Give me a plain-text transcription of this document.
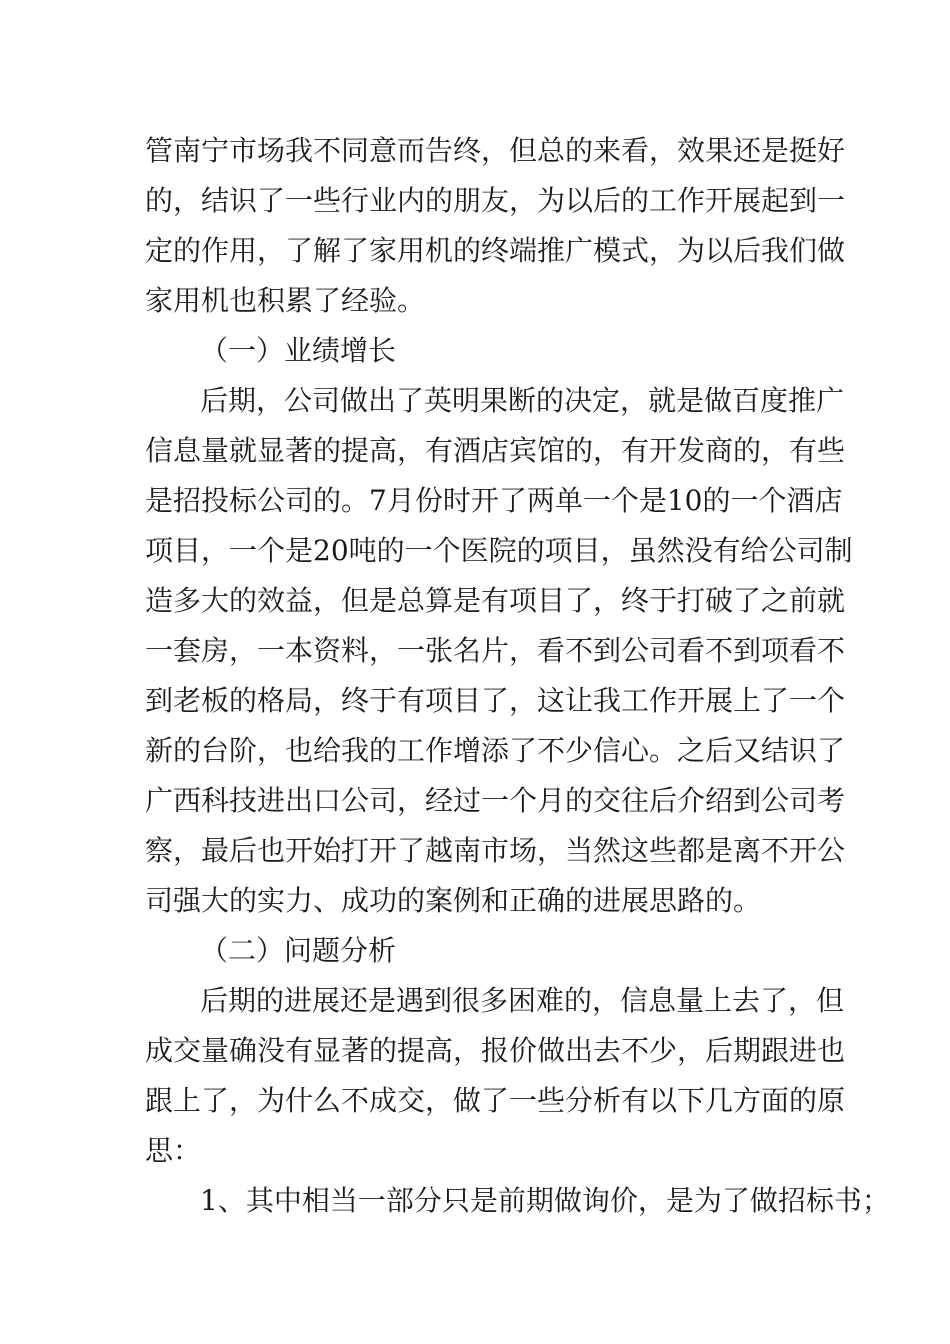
管南宁市场我不同意而告终，但总的来看，效果还是挺好
的，结识了一些行业内的朋友，为以后的工作开展起到一
定的作用，了解了家用机的终端推广模式，为以后我们做
家用机也积累了经验。
（一）业绩增长
后期，公司做出了英明果断的决定，就是做百度推广
信息量就显著的提高，有酒店宾馆的，有开发商的，有些
是招投标公司的。7月份时开了两单一个是10的一个酒店
项目，一个是20吨的一个医院的项目，虽然没有给公司制
造多大的效益，但是总算是有项目了，终于打破了之前就
一套房，一本资料，一张名片，看不到公司看不到项看不
到老板的格局，终于有项目了，这让我工作开展上了一个
新的台阶，也给我的工作增添了不少信心。之后又结识了
广西科技进出口公司，经过一个月的交往后介绍到公司考
察，最后也开始打开了越南市场，当然这些都是离不开公
司强大的实力、成功的案例和正确的进展思路的。
（二）问题分析
后期的进展还是遇到很多困难的，信息量上去了，但
成交量确没有显著的提高，报价做出去不少，后期跟进也
跟上了，为什么不成交，做了一些分析有以下几方面的原
思：
1、其中相当一部分只是前期做询价，是为了做招标书；
